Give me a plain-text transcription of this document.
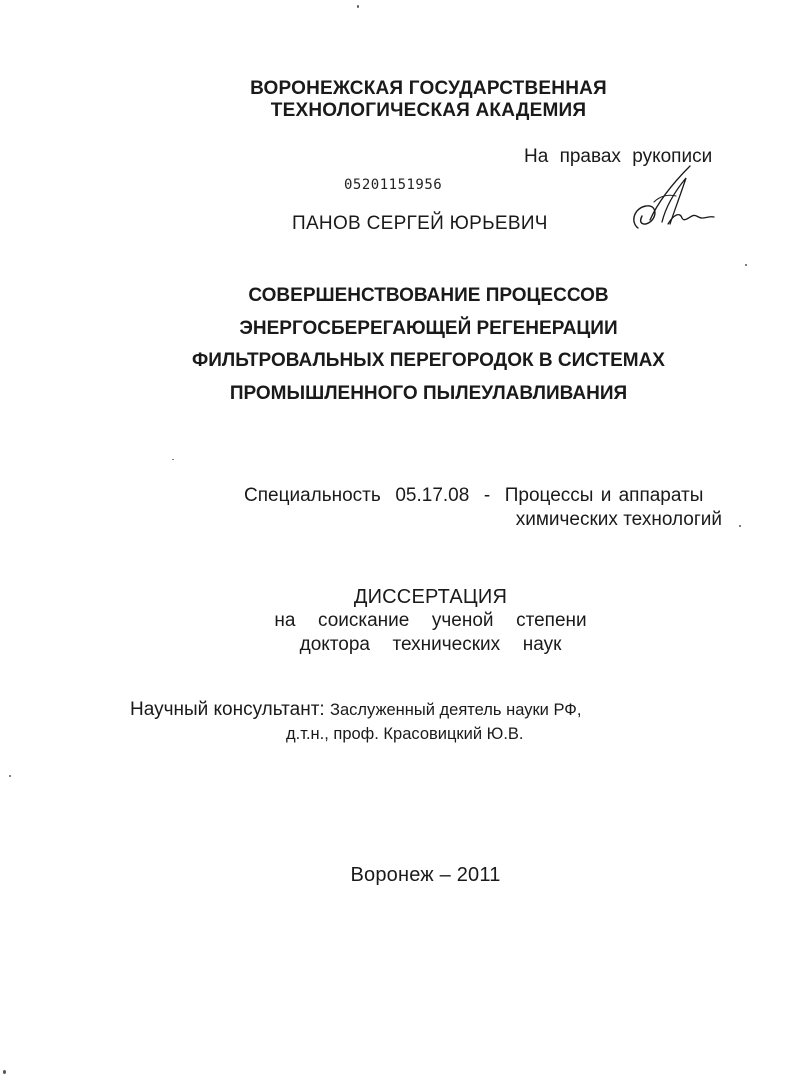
ВОРОНЕЖСКАЯ ГОСУДАРСТВЕННАЯ
ТЕХНОЛОГИЧЕСКАЯ АКАДЕМИЯ
На правах рукописи
05201151956
ПАНОВ СЕРГЕЙ ЮРЬЕВИЧ
СОВЕРШЕНСТВОВАНИЕ ПРОЦЕССОВ
ЭНЕРГОСБЕРЕГАЮЩЕЙ РЕГЕНЕРАЦИИ
ФИЛЬТРОВАЛЬНЫХ ПЕРЕГОРОДОК В СИСТЕМАХ
ПРОМЫШЛЕННОГО ПЫЛЕУЛАВЛИВАНИЯ
Специальность  05.17.08  -  Процессы и аппараты
химических технологий
ДИССЕРТАЦИЯ
на  соискание  ученой  степени
доктора  технических  наук
Научный консультант: Заслуженный деятель науки РФ,
д.т.н., проф. Красовицкий Ю.В.
Воронеж – 2011
